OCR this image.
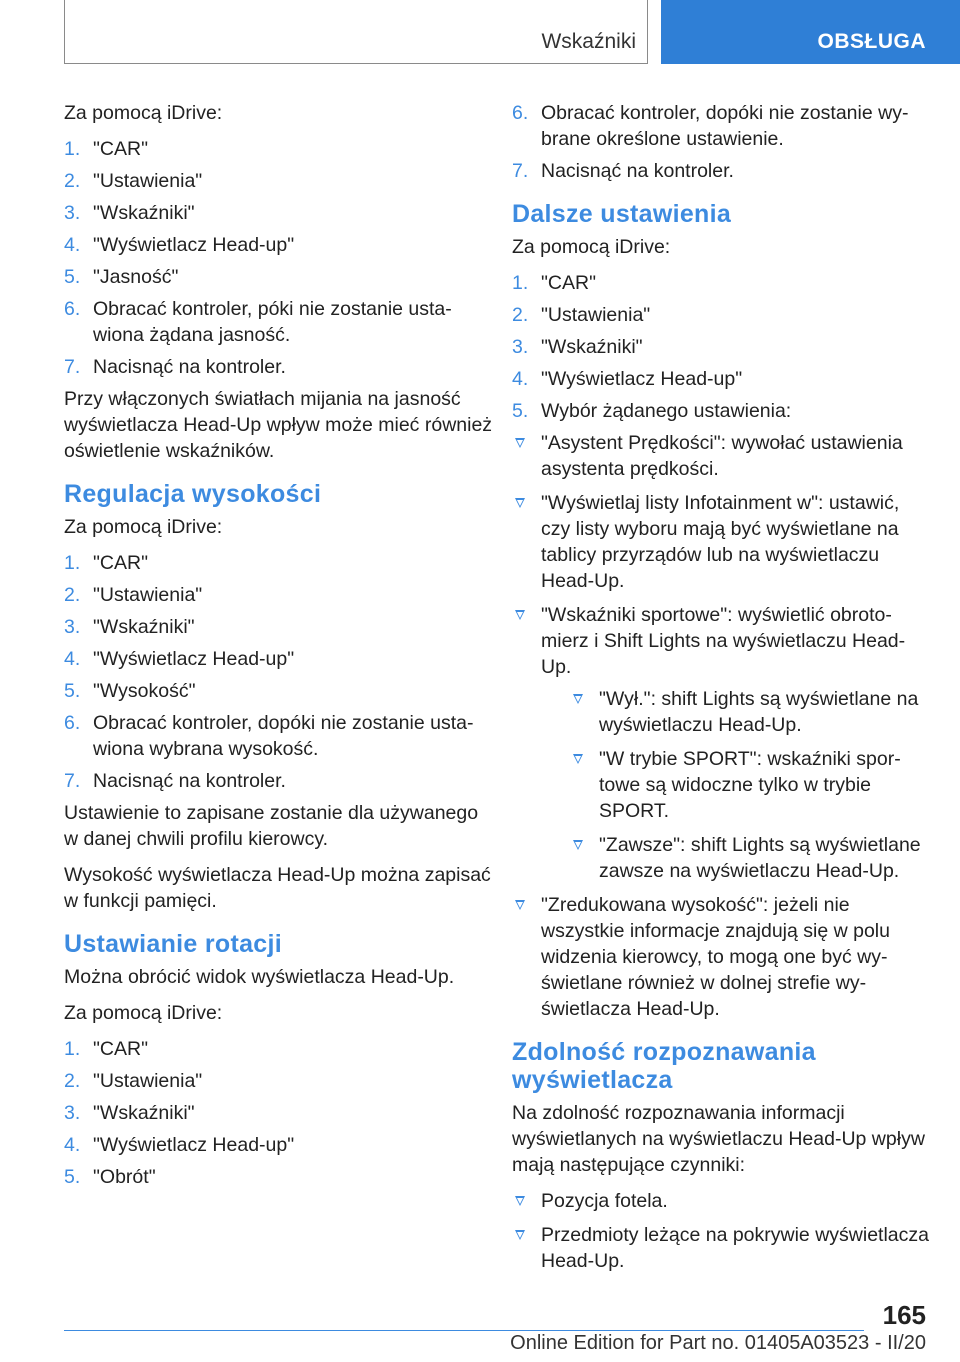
Wskaźniki	OBSŁUGA

Za pomocą iDrive:

1. "CAR"
2. "Ustawienia"
3. "Wskaźniki"
4. "Wyświetlacz Head-up"
5. "Jasność"
6. Obracać kontroler, póki nie zostanie ustawiona żądana jasność.
7. Nacisnąć na kontroler.

Przy włączonych światłach mijania na jasność wyświetlacza Head-Up wpływ może mieć również oświetlenie wskaźników.

Regulacja wysokości

Za pomocą iDrive:

1. "CAR"
2. "Ustawienia"
3. "Wskaźniki"
4. "Wyświetlacz Head-up"
5. "Wysokość"
6. Obracać kontroler, dopóki nie zostanie ustawiona wybrana wysokość.
7. Nacisnąć na kontroler.

Ustawienie to zapisane zostanie dla używanego w danej chwili profilu kierowcy.

Wysokość wyświetlacza Head-Up można zapisać w funkcji pamięci.

Ustawianie rotacji

Można obrócić widok wyświetlacza Head-Up.

Za pomocą iDrive:

1. "CAR"
2. "Ustawienia"
3. "Wskaźniki"
4. "Wyświetlacz Head-up"
5. "Obrót"
6. Obracać kontroler, dopóki nie zostanie wybrane określone ustawienie.
7. Nacisnąć na kontroler.
Dalsze ustawienia

Za pomocą iDrive:

1. "CAR"
2. "Ustawienia"
3. "Wskaźniki"
4. "Wyświetlacz Head-up"
5. Wybór żądanego ustawienia:
"Asystent Prędkości": wywołać ustawienia asystenta prędkości.
"Wyświetlaj listy Infotainment w": ustawić, czy listy wyboru mają być wyświetlane na tablicy przyrządów lub na wyświetlaczu Head-Up.
"Wskaźniki sportowe": wyświetlić obrotomierz i Shift Lights na wyświetlaczu Head-Up.
"Wył.": shift Lights są wyświetlane na wyświetlaczu Head-Up.
"W trybie SPORT": wskaźniki sportowe są widoczne tylko w trybie SPORT.
"Zawsze": shift Lights są wyświetlane zawsze na wyświetlaczu Head-Up.
"Zredukowana wysokość": jeżeli nie wszystkie informacje znajdują się w polu widzenia kierowcy, to mogą one być wyświetlane również w dolnej strefie wyświetlacza Head-Up.
Zdolność rozpoznawania wyświetlacza

Na zdolność rozpoznawania informacji wyświetlanych na wyświetlaczu Head-Up wpływ mają następujące czynniki:

Pozycja fotela.
Przedmioty leżące na pokrywie wyświetlacza Head-Up.
165
Online Edition for Part no. 01405A03523 - II/20
